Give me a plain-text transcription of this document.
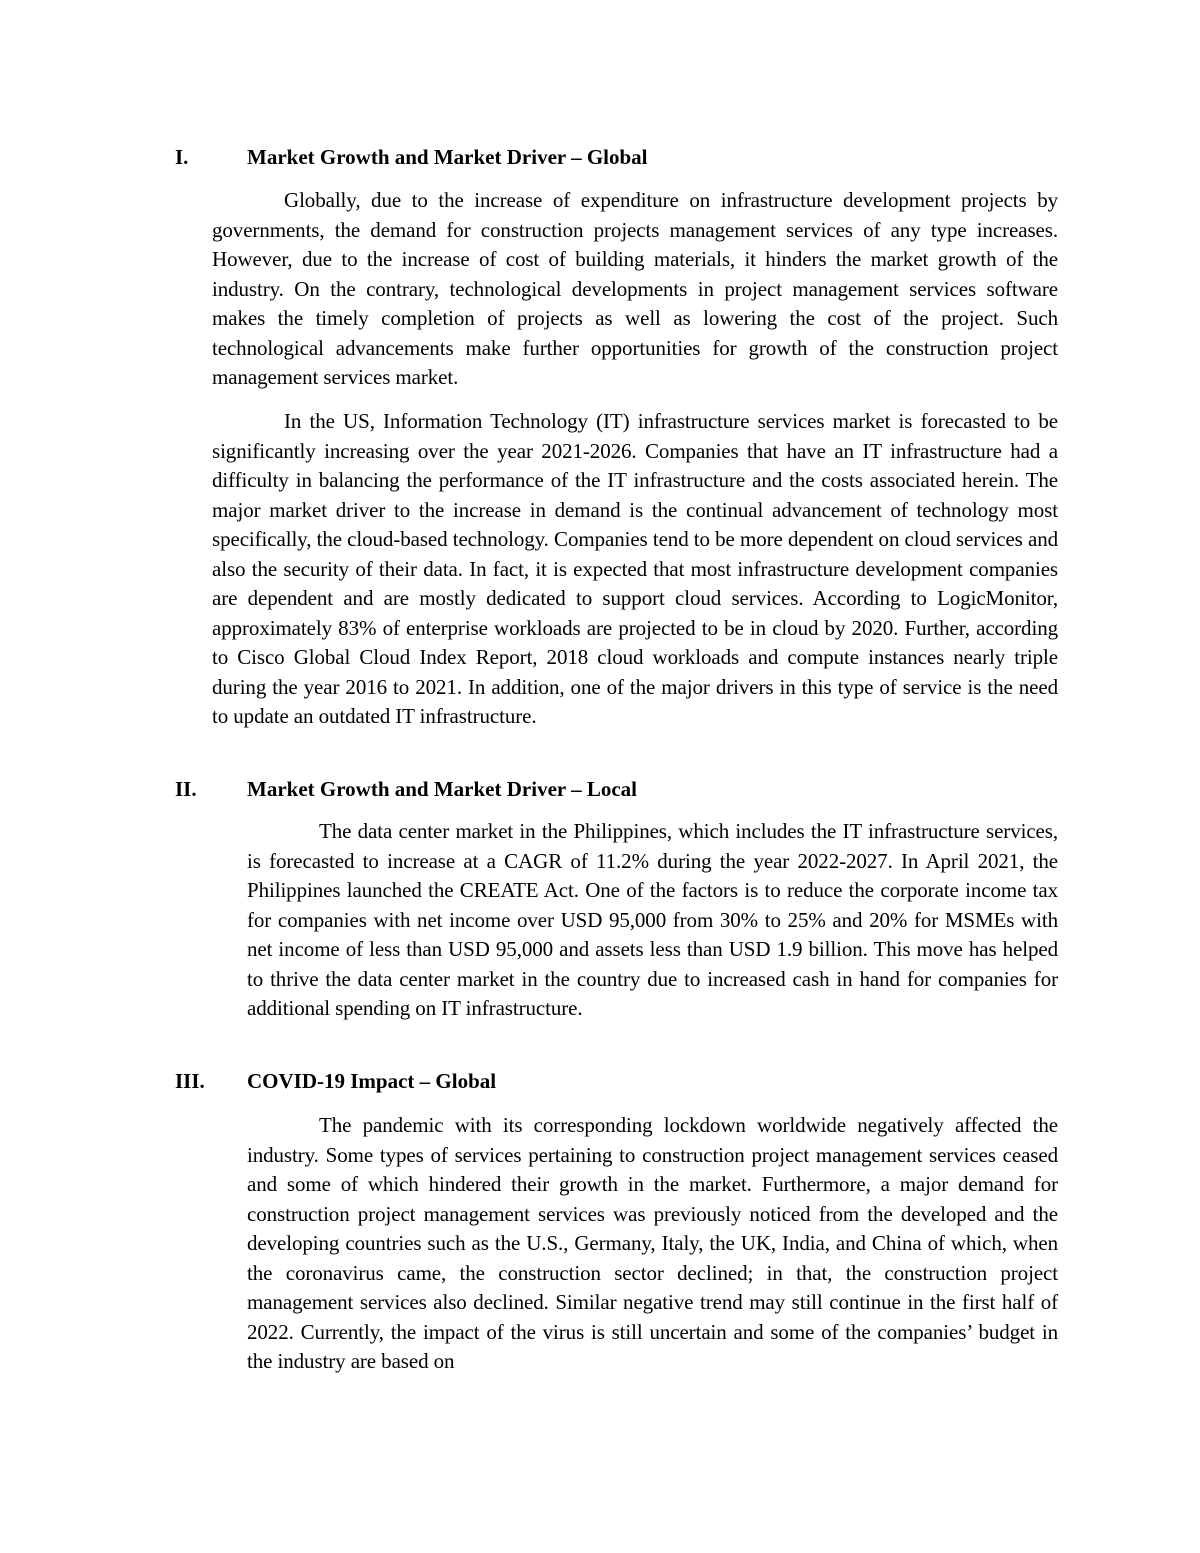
I.	Market Growth and Market Driver – Global

Globally, due to the increase of expenditure on infrastructure development projects by governments, the demand for construction projects management services of any type increases. However, due to the increase of cost of building materials, it hinders the market growth of the industry. On the contrary, technological developments in project management services software makes the timely completion of projects as well as lowering the cost of the project. Such technological advancements make further opportunities for growth of the construction project management services market.

In the US, Information Technology (IT) infrastructure services market is forecasted to be significantly increasing over the year 2021-2026. Companies that have an IT infrastructure had a difficulty in balancing the performance of the IT infrastructure and the costs associated herein. The major market driver to the increase in demand is the continual advancement of technology most specifically, the cloud-based technology. Companies tend to be more dependent on cloud services and also the security of their data. In fact, it is expected that most infrastructure development companies are dependent and are mostly dedicated to support cloud services. According to LogicMonitor, approximately 83% of enterprise workloads are projected to be in cloud by 2020. Further, according to Cisco Global Cloud Index Report, 2018 cloud workloads and compute instances nearly triple during the year 2016 to 2021. In addition, one of the major drivers in this type of service is the need to update an outdated IT infrastructure.

II. Market Growth and Market Driver – Local

The data center market in the Philippines, which includes the IT infrastructure services, is forecasted to increase at a CAGR of 11.2% during the year 2022-2027. In April 2021, the Philippines launched the CREATE Act. One of the factors is to reduce the corporate income tax for companies with net income over USD 95,000 from 30% to 25% and 20% for MSMEs with net income of less than USD 95,000 and assets less than USD 1.9 billion. This move has helped to thrive the data center market in the country due to increased cash in hand for companies for additional spending on IT infrastructure.

III. COVID-19 Impact – Global

The pandemic with its corresponding lockdown worldwide negatively affected the industry. Some types of services pertaining to construction project management services ceased and some of which hindered their growth in the market. Furthermore, a major demand for construction project management services was previously noticed from the developed and the developing countries such as the U.S., Germany, Italy, the UK, India, and China of which, when the coronavirus came, the construction sector declined; in that, the construction project management services also declined. Similar negative trend may still continue in the first half of 2022. Currently, the impact of the virus is still uncertain and some of the companies’ budget in the industry are based on
